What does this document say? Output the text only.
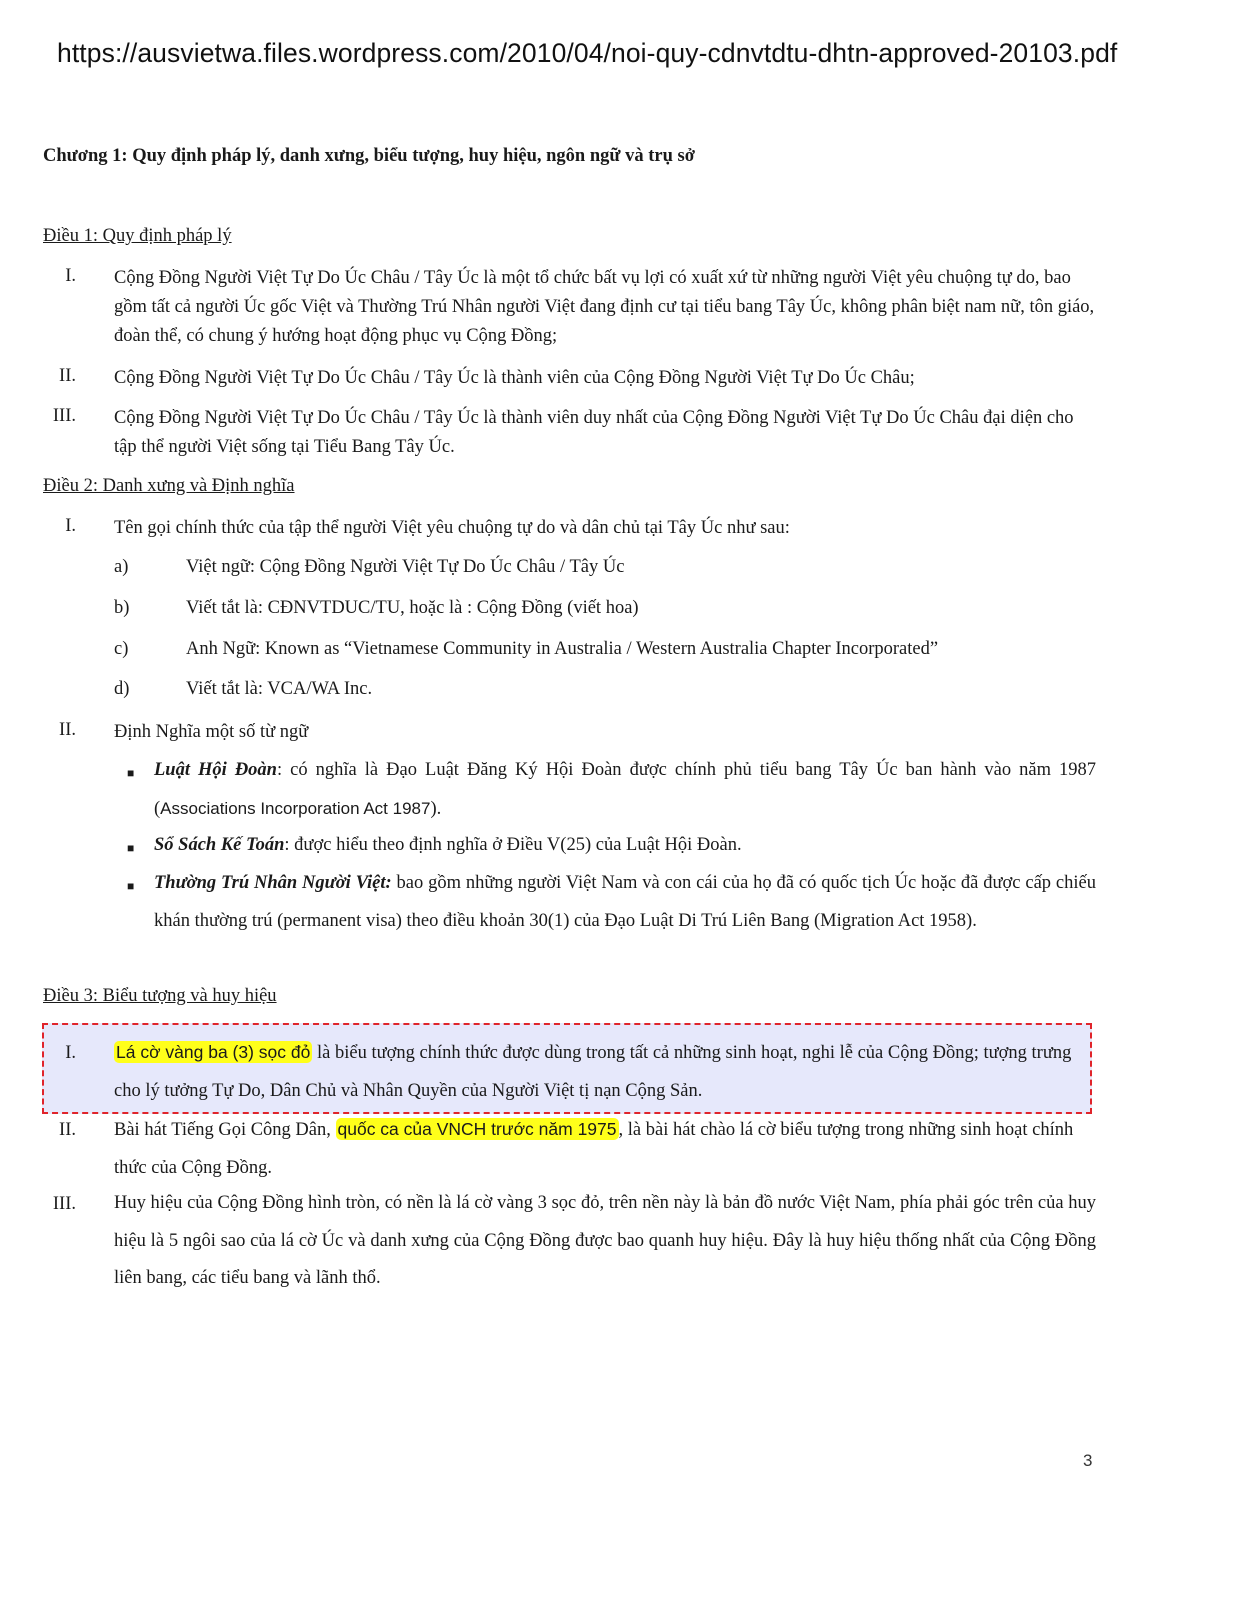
https://ausvietwa.files.wordpress.com/2010/04/noi-quy-cdnvtdtu-dhtn-approved-20103.pdf
Chương 1: Quy định pháp lý, danh xưng, biểu tượng, huy hiệu, ngôn ngữ và trụ sở
Điều 1: Quy định pháp lý
I. Cộng Đồng Người Việt Tự Do Úc Châu / Tây Úc là một tổ chức bất vụ lợi có xuất xứ từ những người Việt yêu chuộng tự do, bao gồm tất cả người Úc gốc Việt và Thường Trú Nhân người Việt đang định cư tại tiểu bang Tây Úc, không phân biệt nam nữ, tôn giáo, đoàn thể, có chung ý hướng hoạt động phục vụ Cộng Đồng;
II. Cộng Đồng Người Việt Tự Do Úc Châu / Tây Úc là thành viên của Cộng Đồng Người Việt Tự Do Úc Châu;
III. Cộng Đồng Người Việt Tự Do Úc Châu / Tây Úc là thành viên duy nhất của Cộng Đồng Người Việt Tự Do Úc Châu đại diện cho tập thể người Việt sống tại Tiểu Bang Tây Úc.
Điều 2: Danh xưng và Định nghĩa
I. Tên gọi chính thức của tập thể người Việt yêu chuộng tự do và dân chủ tại Tây Úc như sau:
a)	Việt ngữ: Cộng Đồng Người Việt Tự Do Úc Châu / Tây Úc
b)	Viết tắt là: CĐNVTDUC/TU, hoặc là : Cộng Đồng (viết hoa)
c)	Anh Ngữ: Known as “Vietnamese Community in Australia / Western Australia Chapter Incorporated”
d)	Viết tắt là: VCA/WA Inc.
II. Định Nghĩa một số từ ngữ
■ Luật Hội Đoàn: có nghĩa là Đạo Luật Đăng Ký Hội Đoàn được chính phủ tiểu bang Tây Úc ban hành vào năm 1987 (Associations Incorporation Act 1987).
■ Sổ Sách Kế Toán: được hiểu theo định nghĩa ở Điều V(25) của Luật Hội Đoàn.
■ Thường Trú Nhân Người Việt: bao gồm những người Việt Nam và con cái của họ đã có quốc tịch Úc hoặc đã được cấp chiếu khán thường trú (permanent visa) theo điều khoản 30(1) của Đạo Luật Di Trú Liên Bang (Migration Act 1958).
Điều 3: Biểu tượng và huy hiệu
I. Lá cờ vàng ba (3) sọc đỏ là biểu tượng chính thức được dùng trong tất cả những sinh hoạt, nghi lễ của Cộng Đồng; tượng trưng cho lý tưởng Tự Do, Dân Chủ và Nhân Quyền của Người Việt tị nạn Cộng Sản.
II. Bài hát Tiếng Gọi Công Dân, quốc ca của VNCH trước năm 1975 , là bài hát chào lá cờ biểu tượng trong những sinh hoạt chính thức của Cộng Đồng.
III. Huy hiệu của Cộng Đồng hình tròn, có nền là lá cờ vàng 3 sọc đỏ, trên nền này là bản đồ nước Việt Nam, phía phải góc trên của huy hiệu là 5 ngôi sao của lá cờ Úc và danh xưng của Cộng Đồng được bao quanh huy hiệu. Đây là huy hiệu thống nhất của Cộng Đồng liên bang, các tiểu bang và lãnh thổ.
3
